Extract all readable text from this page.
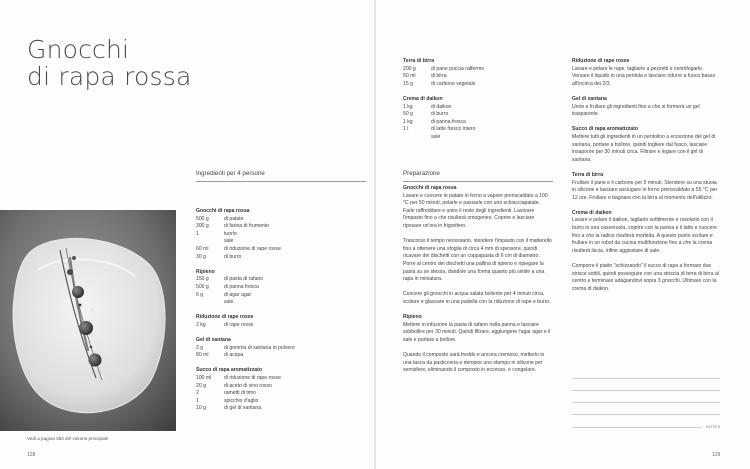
Gnocchi
di rapa rossa
Vedi a pagina 350 del volume principale
128	129
Ingredienti per 4 persone
Gnocchi di rapa rossa
500 g	di patate
300 g	di farina di frumento
1	tuorlo
sale
60 ml	di riduzione di rape rosse
30 g	di burro
Ripieno
150 g	di pasta di rafano
500 g	di panna fresca
6 g	di agar agar
sale
Riduzione di rape rosse
2 kg	di rape rosse
Gel di xantana
3 g	di gomma di xantana in polvere
80 ml	di acqua
Succo di rapa aromatizzato
100 ml	di riduzione di rape rosse
20 g	di aceto di vino rosso
2	rametti di timo
1	spicchio d'aglio
10 g	di gel di xantana
Terra di birra
200 g	di pane puccia raffermo
50 ml	di birra
15 g	di carbone vegetale
Crema di daikon
1 kg	di daikon
50 g	di burro
1 kg	di panna fresca
1 l	di latte fresco intero
sale
Preparazione
Gnocchi di rapa rossa
Lavare e cuocere le patate in forno a vapore preriscaldato a 100 °C per 50 minuti, pelarle e passarle con uno schiacciapatate. Farle raffreddare e unire il resto degli ingredienti. Lavorare l'impasto fino a che risulterà omogeneo. Coprire e lasciare riposare un'ora in frigorifero.
Trascorso il tempo necessario, stendere l'impasto con il matterello fino a ottenere una sfoglia di circa 4 mm di spessore, quindi ricavare dei dischetti con un coppapasta di 6 cm di diametro. Porre al centro dei dischetti una pallina di ripieno e ripiegare la pasta su se stessa, dandole una forma quanto più simile a una rapa in miniatura.
Cuocere gli gnocchi in acqua salata bollente per 4 minuti circa, scolare e glassare in una padella con la riduzione di rape e burro.
Ripieno
Mettere in infusione la pasta di rafano nella panna e lasciare sobbollire per 30 minuti. Quindi filtrare, aggiungere l'agar agar e il sale e portare a bollore.
Quando il composto sarà freddo e ancora cremoso, metterlo in una tasca da pasticceria e riempire uno stampo in silicone per semisfere, eliminando il composto in eccesso, e congelare.
Riduzione di rape rosse
Lavare e pelare le rape, tagliarle a pezzetti e centrifugarle. Versare il liquido in una pentola e lasciare ridurre a fuoco basso all'incirca dei 2/3.
Gel di xantana
Unire e frullare gli ingredienti fino a che si formerà un gel trasparente.
Succo di rapa aromatizzato
Mettere tutti gli ingredienti in un pentolino a eccezione del gel di xantana, portare a bollore, quindi togliere dal fuoco, lasciare insaporire per 30 minuti circa. Filtrare e legare con il gel di xantana.
Terra di birra
Frullare il pane e il carbone per 5 minuti. Stendere su una stuoia in silicone e lasciare asciugare in forno preriscaldato a 55 °C per 12 ore. Frullare e bagnare con la birra al momento dell'utilizzo.
Crema di daikon
Lavare e pelare il daikon, tagliarlo sottilmente e rosolarlo con il burro in una casseruola, coprire con la panna e il latte e cuocere fino a che la radice risulterà morbida. A questo punto scolare e frullare in un robot da cucina multifunzione fino a che la crema risulterà liscia, infine aggiustare di sale.
Comporre il piatto "schizzando" il succo di rapa a formare due strisce sottili, quindi posseguire con una striscia di terra di birra al centro e terminare adagiandovi sopra 3 gnocchi. Ultimare con la crema di daikon.
NOTES
